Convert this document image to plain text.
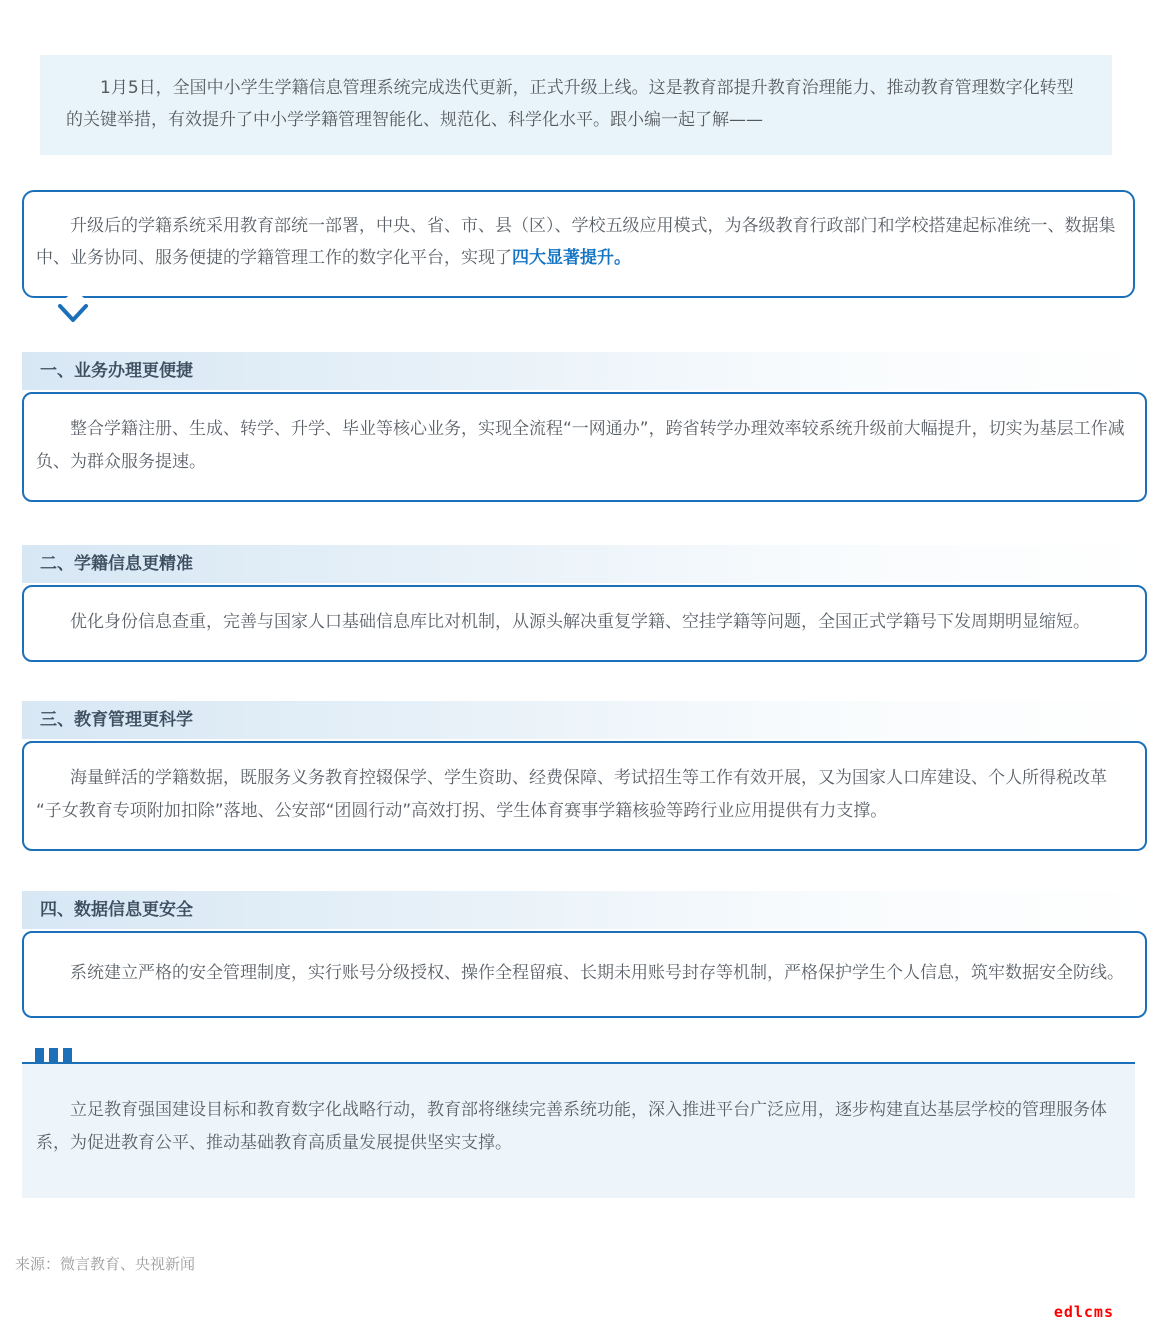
1月5日，全国中小学生学籍信息管理系统完成迭代更新，正式升级上线。这是教育部提升教育治理能力、推动教育管理数字化转型的关键举措，有效提升了中小学学籍管理智能化、规范化、科学化水平。跟小编一起了解——

升级后的学籍系统采用教育部统一部署，中央、省、市、县（区）、学校五级应用模式，为各级教育行政部门和学校搭建起标准统一、数据集中、业务协同、服务便捷的学籍管理工作的数字化平台，实现了四大显著提升。

一、业务办理更便捷

整合学籍注册、生成、转学、升学、毕业等核心业务，实现全流程“一网通办”，跨省转学办理效率较系统升级前大幅提升，切实为基层工作减负、为群众服务提速。

二、学籍信息更精准

优化身份信息查重，完善与国家人口基础信息库比对机制，从源头解决重复学籍、空挂学籍等问题，全国正式学籍号下发周期明显缩短。

三、教育管理更科学

海量鲜活的学籍数据，既服务义务教育控辍保学、学生资助、经费保障、考试招生等工作有效开展，又为国家人口库建设、个人所得税改革“子女教育专项附加扣除”落地、公安部“团圆行动”高效打拐、学生体育赛事学籍核验等跨行业应用提供有力支撑。

四、数据信息更安全

系统建立严格的安全管理制度，实行账号分级授权、操作全程留痕、长期未用账号封存等机制，严格保护学生个人信息，筑牢数据安全防线。

立足教育强国建设目标和教育数字化战略行动，教育部将继续完善系统功能，深入推进平台广泛应用，逐步构建直达基层学校的管理服务体系，为促进教育公平、推动基础教育高质量发展提供坚实支撑。

来源：微言教育、央视新闻
edlcms
